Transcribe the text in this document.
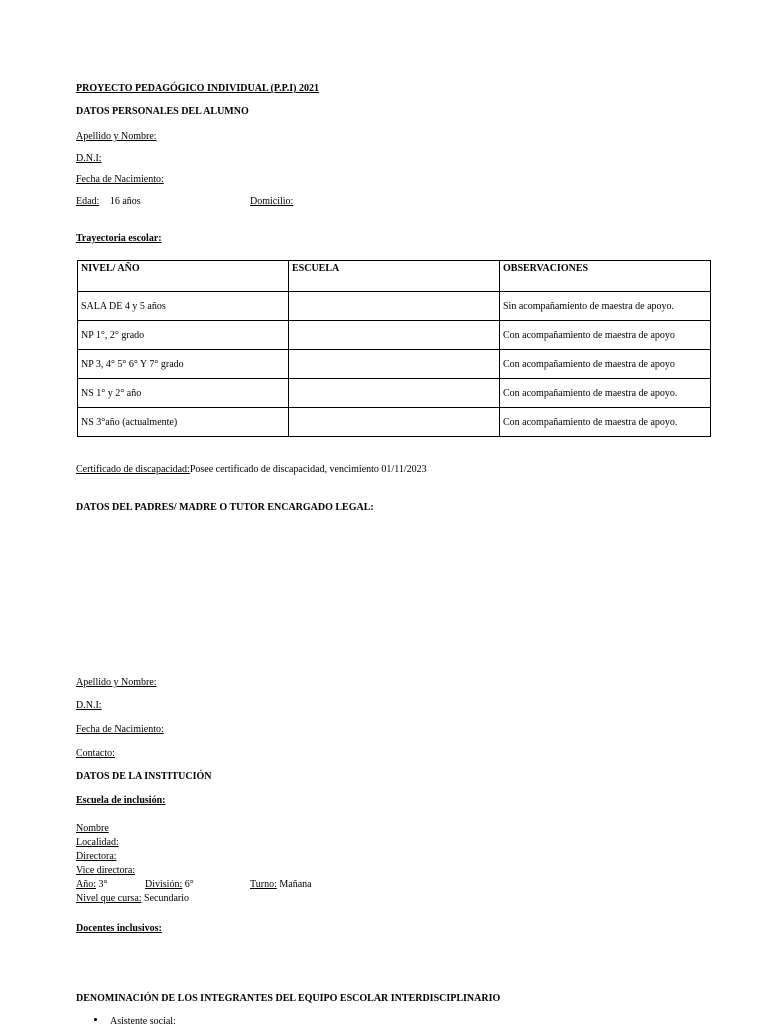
PROYECTO PEDAGÓGICO INDIVIDUAL (P.P.I) 2021
DATOS PERSONALES DEL ALUMNO
Apellido y Nombre:
D.N.I:
Fecha de Nacimiento:
Edad: 16 años	Domicilio:
Trayectoria escolar:
NIVEL/ AÑO	ESCUELA	OBSERVACIONES
SALA DE 4 y 5 años		Sin acompañamiento de maestra de apoyo.
NP 1°, 2° grado		Con acompañamiento de maestra de apoyo
NP 3, 4° 5° 6° Y 7° grado		Con acompañamiento de maestra de apoyo
NS 1° y 2° año		Con acompañamiento de maestra de apoyo.
NS 3°año (actualmente)		Con acompañamiento de maestra de apoyo.
Certificado de discapacidad:Posee certificado de discapacidad, vencimiento 01/11/2023
DATOS DEL PADRES/ MADRE O TUTOR ENCARGADO LEGAL:
Apellido y Nombre:
D.N.I:
Fecha de Nacimiento:
Contacto:
DATOS DE LA INSTITUCIÓN
Escuela de inclusión:
Nombre
Localidad:
Directora:
Vice directora:
Año: 3°	División: 6°	Turno: Mañana
Nivel que cursa: Secundario
Docentes inclusivos:
DENOMINACIÓN DE LOS INTEGRANTES DEL EQUIPO ESCOLAR INTERDISCIPLINARIO
Asistente social:
